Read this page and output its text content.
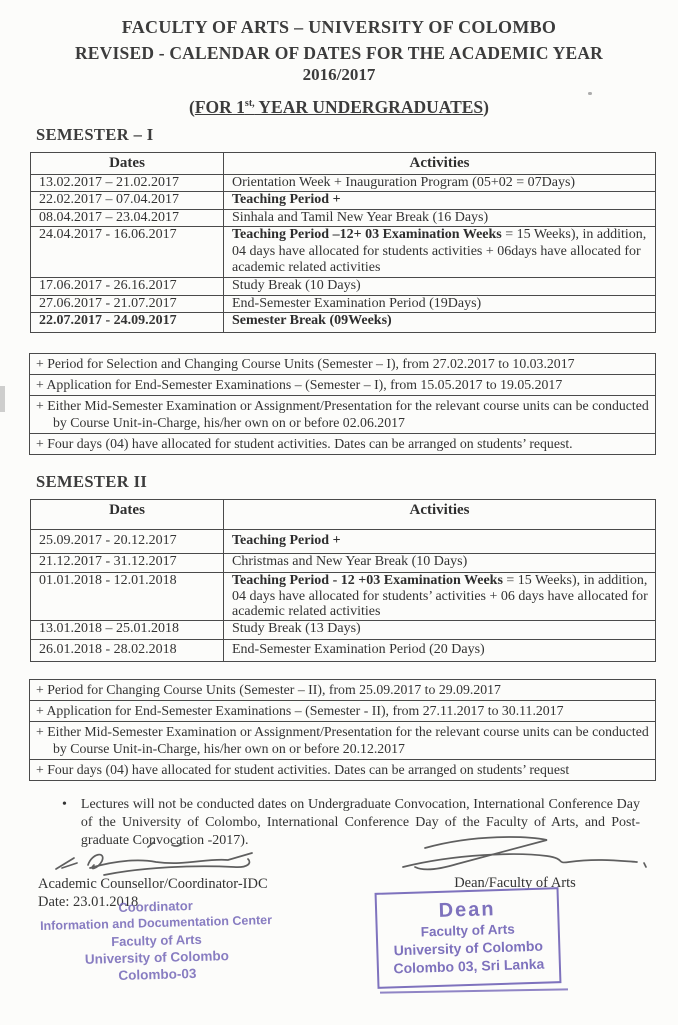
FACULTY OF ARTS – UNIVERSITY OF COLOMBO
REVISED - CALENDAR OF DATES FOR THE ACADEMIC YEAR
2016/2017
(FOR $1^{st,}$ YEAR UNDERGRADUATES)
SEMESTER – I
Dates	Activities
13.02.2017 – 21.02.2017	Orientation Week + Inauguration Program (05+02 = 07Days)
22.02.2017 – 07.04.2017	Teaching Period +
08.04.2017 – 23.04.2017	Sinhala and Tamil New Year Break (16 Days)
24.04.2017 - 16.06.2017	Teaching Period –12+ 03 Examination Weeks = 15 Weeks), in addition, 04 days have allocated for students activities + 06days have allocated for academic related activities
17.06.2017 - 26.16.2017	Study Break (10 Days)
27.06.2017 - 21.07.2017	End-Semester Examination Period (19Days)
22.07.2017 - 24.09.2017	Semester Break (09Weeks)
+ Period for Selection and Changing Course Units (Semester – I), from 27.02.2017 to 10.03.2017
+ Application for End-Semester Examinations – (Semester – I), from 15.05.2017 to 19.05.2017
+ Either Mid-Semester Examination or Assignment/Presentation for the relevant course units can be conducted by Course Unit-in-Charge, his/her own on or before 02.06.2017
+ Four days (04) have allocated for student activities. Dates can be arranged on students’ request.
SEMESTER II
Dates	Activities
25.09.2017 - 20.12.2017	Teaching Period +
21.12.2017 - 31.12.2017	Christmas and New Year Break (10 Days)
01.01.2018 - 12.01.2018	Teaching Period - 12 +03 Examination Weeks = 15 Weeks), in addition, 04 days have allocated for students’ activities + 06 days have allocated for academic related activities
13.01.2018 – 25.01.2018	Study Break (13 Days)
26.01.2018 - 28.02.2018	End-Semester Examination Period (20 Days)
+ Period for Changing Course Units (Semester – II), from 25.09.2017 to 29.09.2017
+ Application for End-Semester Examinations – (Semester - II), from 27.11.2017 to 30.11.2017
+ Either Mid-Semester Examination or Assignment/Presentation for the relevant course units can be conducted by Course Unit-in-Charge, his/her own on or before 20.12.2017
+ Four days (04) have allocated for student activities. Dates can be arranged on students’ request
• Lectures will not be conducted dates on Undergraduate Convocation, International Conference Day of the University of Colombo, International Conference Day of the Faculty of Arts, and Post-graduate Convocation -2017).
Academic Counsellor/Coordinator-IDC
Date: 23.01.2018
Dean/Faculty of Arts
Coordinator
Information and Documentation Center
Faculty of Arts
University of Colombo
Colombo-03
Dean
Faculty of Arts
University of Colombo
Colombo 03, Sri Lanka
